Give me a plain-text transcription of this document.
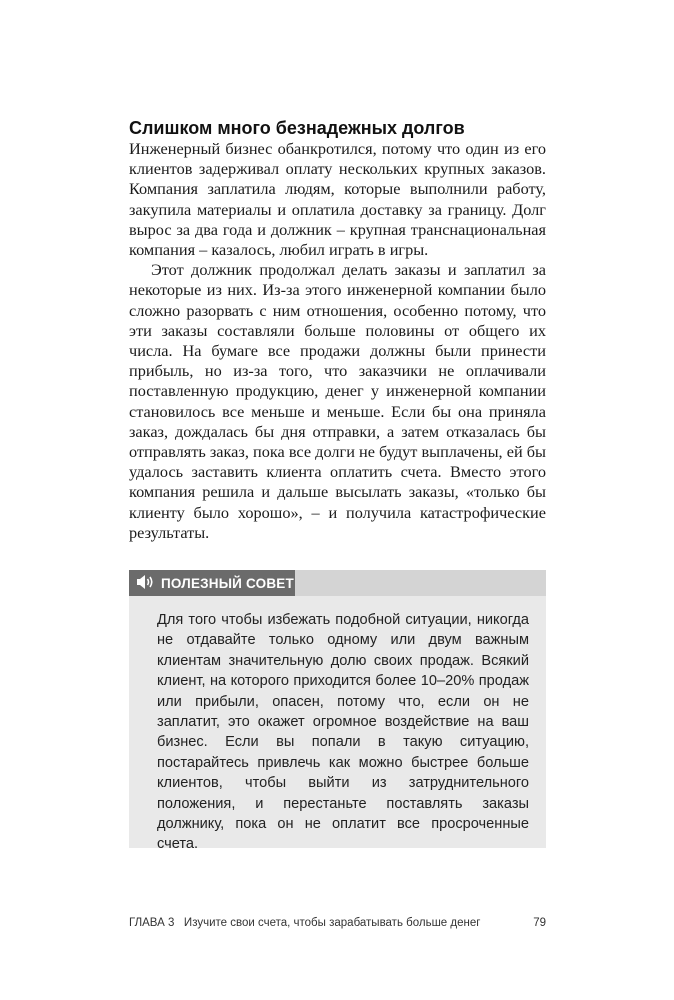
Слишком много безнадежных долгов

Инженерный бизнес обанкротился, потому что один из его клиентов задерживал оплату нескольких крупных заказов. Компания заплатила людям, которые выполнили работу, закупила материалы и оплатила доставку за границу. Долг вырос за два года и должник – крупная транснациональная компания – казалось, любил играть в игры.

Этот должник продолжал делать заказы и заплатил за некоторые из них. Из-за этого инженерной компании было сложно разорвать с ним отношения, особенно потому, что эти заказы составляли больше половины от общего их числа. На бумаге все продажи должны были принести прибыль, но из-за того, что заказчики не оплачивали поставленную продукцию, денег у инженерной компании становилось все меньше и меньше. Если бы она приняла заказ, дождалась бы дня отправки, а затем отказалась бы отправлять заказ, пока все долги не будут выплачены, ей бы удалось заставить клиента оплатить счета. Вместо этого компания решила и дальше высылать заказы, «только бы клиенту было хорошо», – и получила катастрофические результаты.

ПОЛЕЗНЫЙ СОВЕТ

Для того чтобы избежать подобной ситуации, никогда не отдавайте только одному или двум важным клиентам значительную долю своих продаж. Всякий клиент, на которого приходится более 10–20% продаж или прибыли, опасен, потому что, если он не заплатит, это окажет огромное воздействие на ваш бизнес. Если вы попали в такую ситуацию, постарайтесь привлечь как можно быстрее больше клиентов, чтобы выйти из затруднительного положения, и перестаньте поставлять заказы должнику, пока он не оплатит все просроченные счета.

ГЛАВА 3   Изучите свои счета, чтобы зарабатывать больше денег	79
